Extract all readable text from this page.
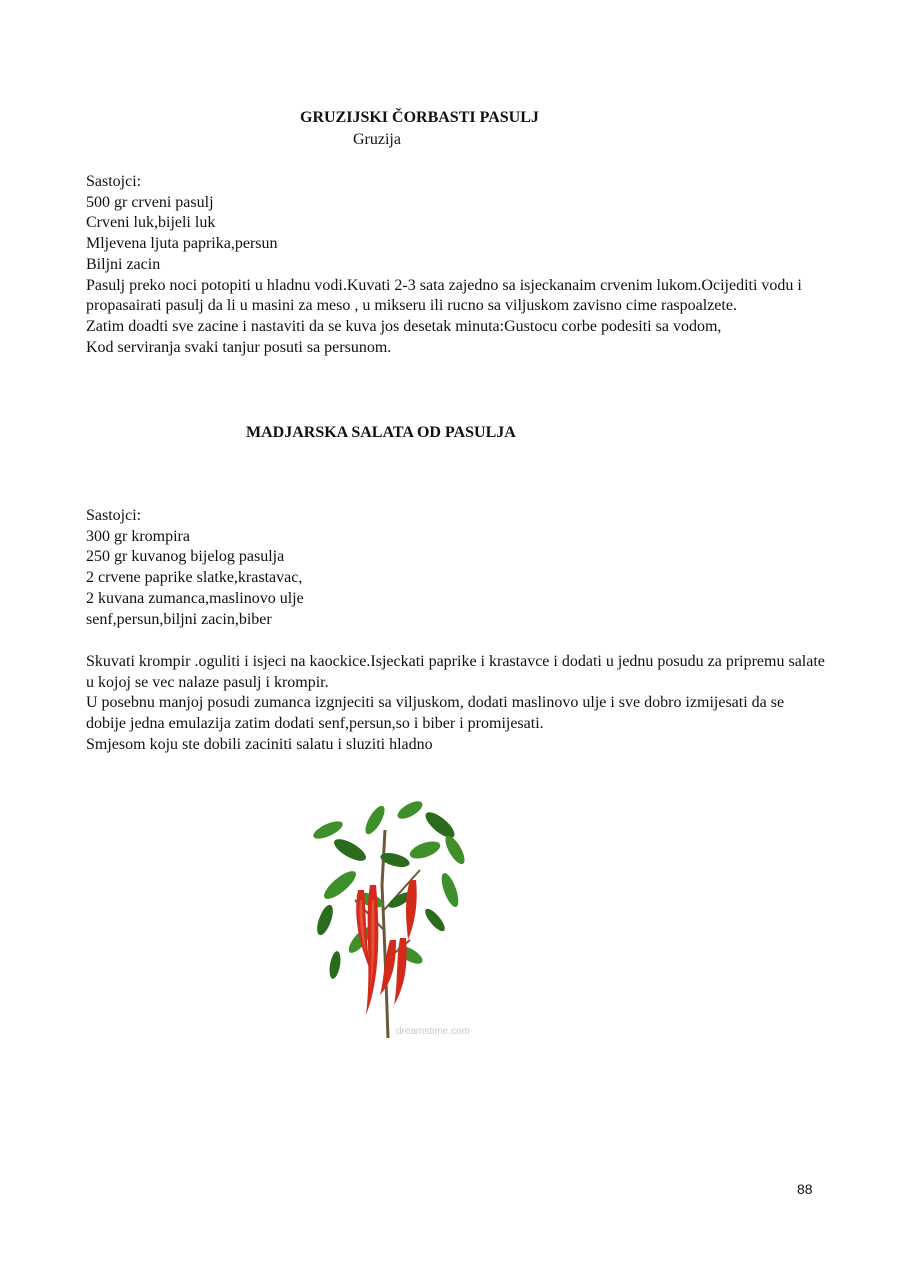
GRUZIJSKI ČORBASTI PASULJ
Gruzija

Sastojci:

500 gr crveni pasulj

Crveni luk,bijeli luk

Mljevena ljuta paprika,persun

Biljni zacin

Pasulj preko noci potopiti u hladnu vodi.Kuvati 2-3 sata zajedno sa isjeckanaim crvenim lukom.Ocijediti vodu i propasairati pasulj da li u masini za meso , u mikseru ili rucno sa viljuskom zavisno cime raspoalzete.

Zatim doadti sve zacine i nastaviti da se kuva jos desetak minuta:Gustocu corbe podesiti sa vodom,

Kod serviranja svaki tanjur posuti sa persunom.

MADJARSKA SALATA OD PASULJA

Sastojci:

300 gr krompira

250 gr kuvanog bijelog pasulja

2 crvene paprike slatke,krastavac,

2 kuvana zumanca,maslinovo ulje

senf,persun,biljni zacin,biber

Skuvati krompir .oguliti i isjeci na kaockice.Isjeckati paprike i krastavce i dodati u jednu posudu za pripremu salate u kojoj se vec nalaze pasulj i krompir.

U posebnu manjoj posudi zumanca izgnjeciti sa viljuskom, dodati maslinovo ulje i sve dobro izmijesati da se dobije jedna emulazija zatim dodati senf,persun,so i biber i promijesati.

Smjesom koju ste dobili zaciniti salatu i sluziti hladno

dreamstime.com
88
